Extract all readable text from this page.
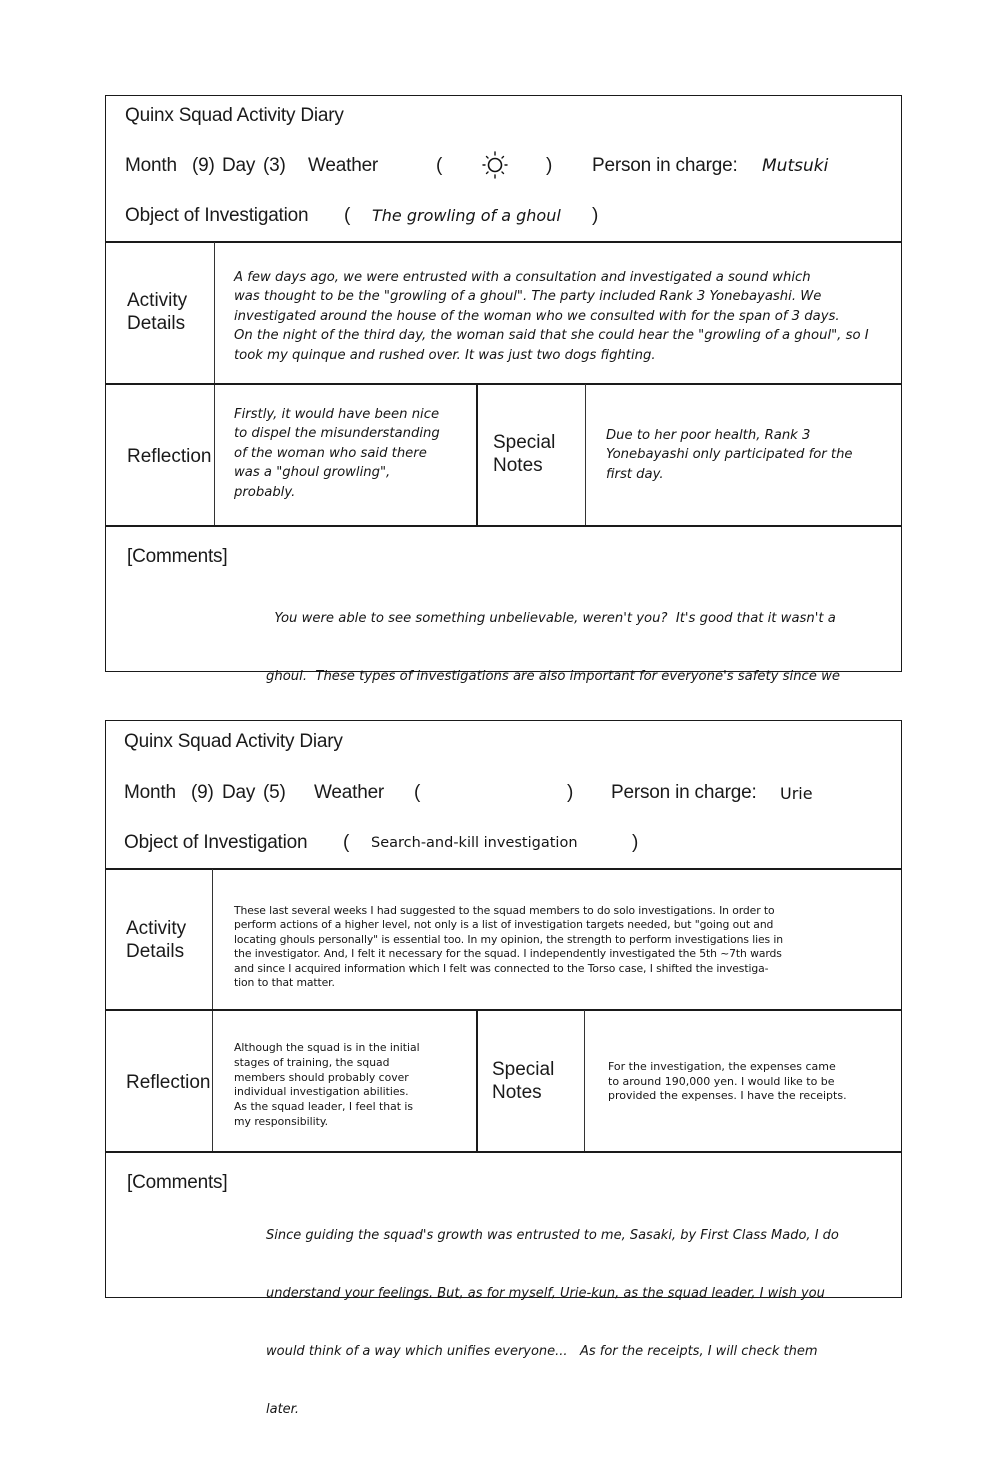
Quinx Squad Activity Diary
Month (9) Day (3) Weather	(	) Person in charge: Mutsuki
Object of Investigation ( The growling of a ghoul )
Activity
Details
A few days ago, we were entrusted with a consultation and investigated a sound which
was thought to be the "growling of a ghoul". The party included Rank 3 Yonebayashi. We
investigated around the house of the woman who we consulted with for the span of 3 days.
On the night of the third day, the woman said that she could hear the "growling of a ghoul", so I
took my quinque and rushed over. It was just two dogs fighting.
Reflection
Firstly, it would have been nice
to dispel the misunderstanding
of the woman who said there
was a "ghoul growling",
probably.
Special
Notes
Due to her poor health, Rank 3
Yonebayashi only participated for the
first day.
[Comments]

You were able to see something unbelievable, weren't you?  It's good that it wasn't a

ghoul.  These types of investigations are also important for everyone's safety since we

Quinx Squad Activity Diary
Month (9) Day (5) Weather (	) Person in charge: Urie
Object of Investigation ( Search-and-kill investigation	)
Activity
Details
These last several weeks I had suggested to the squad members to do solo investigations. In order to
perform actions of a higher level, not only is a list of investigation targets needed, but "going out and
locating ghouls personally" is essential too. In my opinion, the strength to perform investigations lies in
the investigator. And, I felt it necessary for the squad. I independently investigated the 5th ~7th wards
and since I acquired information which I felt was connected to the Torso case, I shifted the investiga-
tion to that matter.
Reflection
Although the squad is in the initial
stages of training, the squad
members should probably cover
individual investigation abilities.
As the squad leader, I feel that is
my responsibility.
Special
Notes
For the investigation, the expenses came
to around 190,000 yen. I would like to be
provided the expenses. I have the receipts.
[Comments]

Since guiding the squad's growth was entrusted to me, Sasaki, by First Class Mado, I do

understand your feelings. But, as for myself, Urie-kun, as the squad leader, I wish you

would think of a way which unifies everyone...   As for the receipts, I will check them

later.
